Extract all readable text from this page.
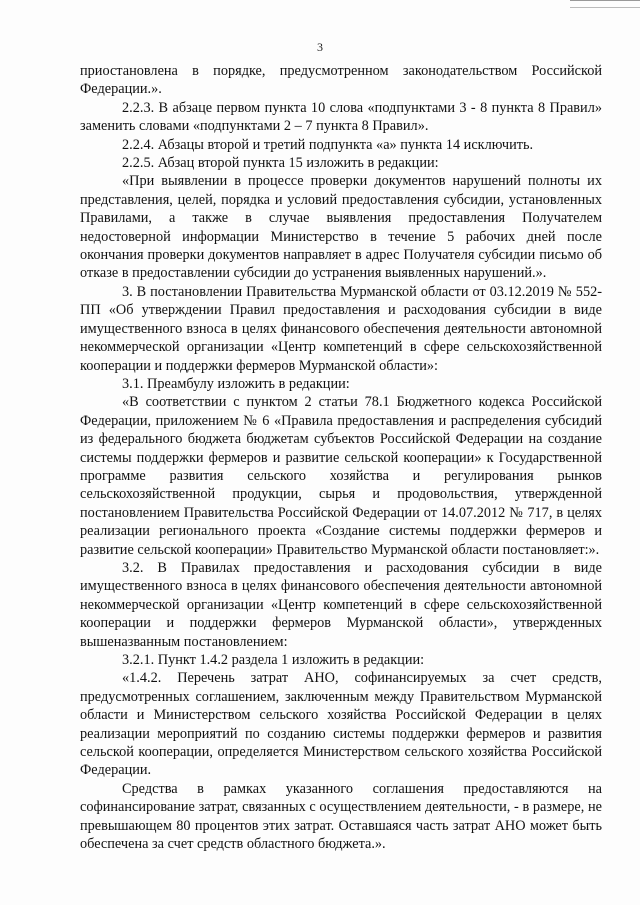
3

приостановлена в порядке, предусмотренном законодательством Российской Федерации.».

2.2.3. В абзаце первом пункта 10 слова «подпунктами 3 - 8 пункта 8 Правил» заменить словами «подпунктами 2 – 7 пункта 8 Правил».

2.2.4. Абзацы второй и третий подпункта «а» пункта 14 исключить.

2.2.5. Абзац второй пункта 15 изложить в редакции:

«При выявлении в процессе проверки документов нарушений полноты их представления, целей, порядка и условий предоставления субсидии, установленных Правилами, а также в случае выявления предоставления Получателем недостоверной информации Министерство в течение 5 рабочих дней после окончания проверки документов направляет в адрес Получателя субсидии письмо об отказе в предоставлении субсидии до устранения выявленных нарушений.».

3. В постановлении Правительства Мурманской области от 03.12.2019 № 552-ПП «Об утверждении Правил предоставления и расходования субсидии в виде имущественного взноса в целях финансового обеспечения деятельности автономной некоммерческой организации «Центр компетенций в сфере сельскохозяйственной кооперации и поддержки фермеров Мурманской области»:

3.1. Преамбулу изложить в редакции:

«В соответствии с пунктом 2 статьи 78.1 Бюджетного кодекса Российской Федерации, приложением № 6 «Правила предоставления и распределения субсидий из федерального бюджета бюджетам субъектов Российской Федерации на создание системы поддержки фермеров и развитие сельской кооперации» к Государственной программе развития сельского хозяйства и регулирования рынков сельскохозяйственной продукции, сырья и продовольствия, утвержденной постановлением Правительства Российской Федерации от 14.07.2012 № 717, в целях реализации регионального проекта «Создание системы поддержки фермеров и развитие сельской кооперации» Правительство Мурманской области постановляет:».

3.2. В Правилах предоставления и расходования субсидии в виде имущественного взноса в целях финансового обеспечения деятельности автономной некоммерческой организации «Центр компетенций в сфере сельскохозяйственной кооперации и поддержки фермеров Мурманской области», утвержденных вышеназванным постановлением:

3.2.1. Пункт 1.4.2 раздела 1 изложить в редакции:

«1.4.2. Перечень затрат АНО, софинансируемых за счет средств, предусмотренных соглашением, заключенным между Правительством Мурманской области и Министерством сельского хозяйства Российской Федерации в целях реализации мероприятий по созданию системы поддержки фермеров и развития сельской кооперации, определяется Министерством сельского хозяйства Российской Федерации.

Средства в рамках указанного соглашения предоставляются на софинансирование затрат, связанных с осуществлением деятельности, - в размере, не превышающем 80 процентов этих затрат. Оставшаяся часть затрат АНО может быть обеспечена за счет средств областного бюджета.».
